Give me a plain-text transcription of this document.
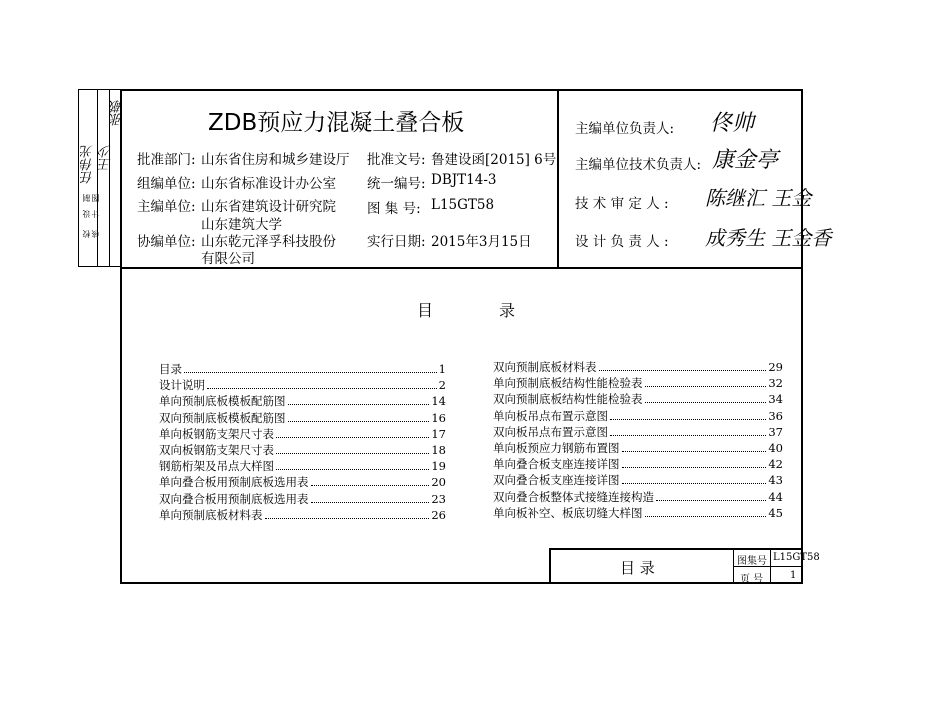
校 核
设 计
制 图
张敬
任伟光 王少
ZDB预应力混凝土叠合板
批准部门: 山东省住房和城乡建设厅
组编单位: 山东省标准设计办公室
主编单位: 山东省建筑设计研究院
山东建筑大学
协编单位: 山东乾元泽孚科技股份
有限公司
批准文号: 鲁建设函[2015] 6号
统一编号: DBJT14-3
图 集 号: L15GT58
实行日期: 2015年3月15日
主编单位负责人: 佟帅
主编单位技术负责人: 康金亭
技 术 审 定 人 : 陈继汇 王金
设 计 负 责 人 : 成秀生 王金香
目	录
目录	1
设计说明	2
单向预制底板模板配筋图	14
双向预制底板模板配筋图	16
单向板钢筋支架尺寸表	17
双向板钢筋支架尺寸表	18
钢筋桁架及吊点大样图	19
单向叠合板用预制底板选用表	20
双向叠合板用预制底板选用表	23
单向预制底板材料表	26
双向预制底板材料表	29
单向预制底板结构性能检验表	32
双向预制底板结构性能检验表	34
单向板吊点布置示意图	36
双向板吊点布置示意图	37
单向板预应力钢筋布置图	40
单向叠合板支座连接详图	42
双向叠合板支座连接详图	43
双向叠合板整体式接缝连接构造	44
单向板补空、板底切缝大样图	45
目 录	图集号 L15GT58
页 号	1
